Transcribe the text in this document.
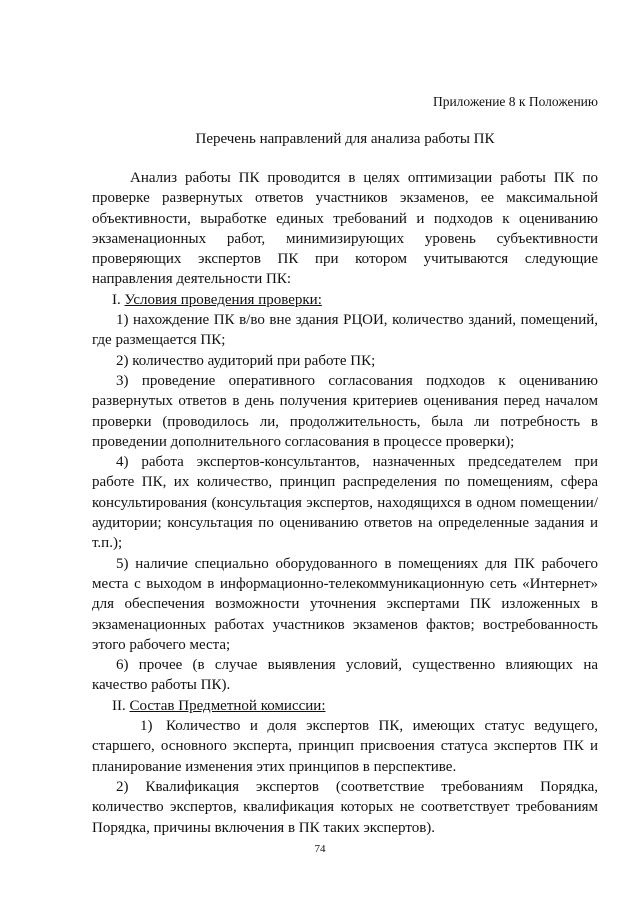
Приложение 8 к Положению
Перечень направлений для анализа работы ПК

Анализ работы ПК проводится в целях оптимизации работы ПК по проверке развернутых ответов участников экзаменов, ее максимальной объективности, выработке единых требований и подходов к оцениванию экзаменационных работ, минимизирующих уровень субъективности проверяющих экспертов ПК при котором учитываются следующие направления деятельности ПК:

I. Условия проведения проверки:

1) нахождение ПК в/во вне здания РЦОИ, количество зданий, помещений, где размещается ПК;

2) количество аудиторий при работе ПК;

3) проведение оперативного согласования подходов к оцениванию развернутых ответов в день получения критериев оценивания перед началом проверки (проводилось ли, продолжительность, была ли потребность в проведении дополнительного согласования в процессе проверки);

4) работа экспертов-консультантов, назначенных председателем при работе ПК, их количество, принцип распределения по помещениям, сфера консультирования (консультация экспертов, находящихся в одном помещении/аудитории; консультация по оцениванию ответов на определенные задания и т.п.);

5) наличие специально оборудованного в помещениях для ПК рабочего места с выходом в информационно-телекоммуникационную сеть «Интернет» для обеспечения возможности уточнения экспертами ПК изложенных в экзаменационных работах участников экзаменов фактов; востребованность этого рабочего места;

6) прочее (в случае выявления условий, существенно влияющих на качество работы ПК).

II. Состав Предметной комиссии:

1) Количество и доля экспертов ПК, имеющих статус ведущего, старшего, основного эксперта, принцип присвоения статуса экспертов ПК и планирование изменения этих принципов в перспективе.

2) Квалификация экспертов (соответствие требованиям Порядка, количество экспертов, квалификация которых не соответствует требованиям Порядка, причины включения в ПК таких экспертов).

74
